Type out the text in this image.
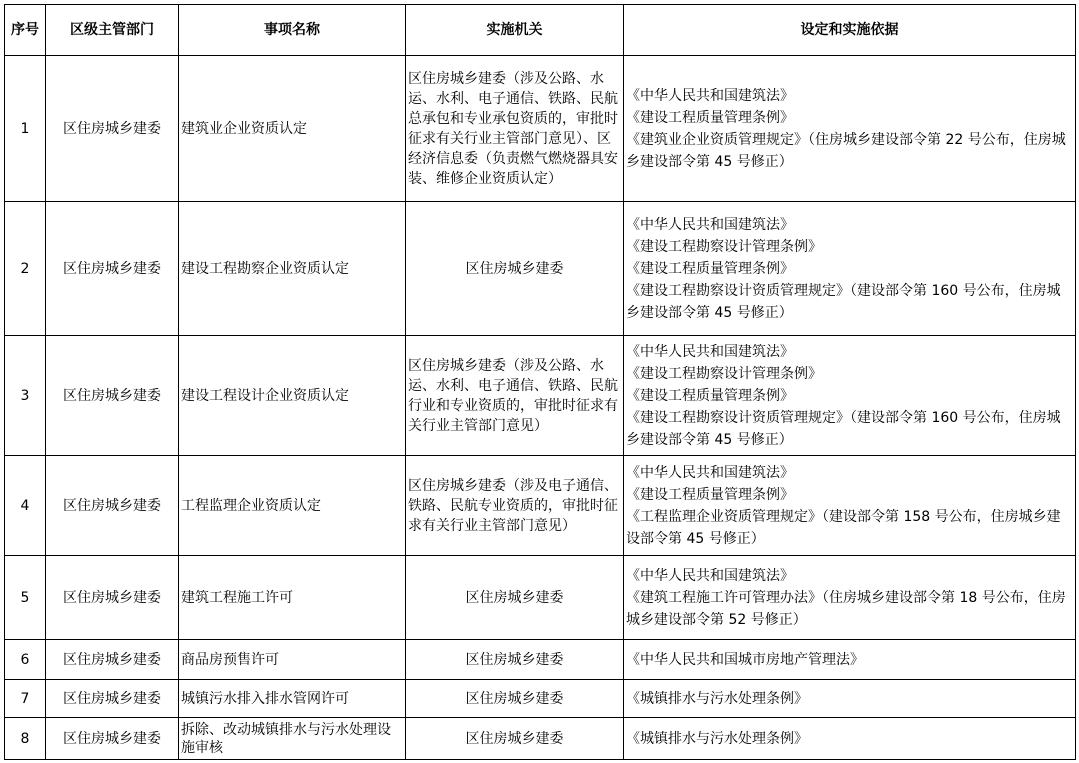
序号	区级主管部门	事项名称	实施机关	设定和实施依据
1	区住房城乡建委	建筑业企业资质认定	区住房城乡建委（涉及公路、水运、水利、电子通信、铁路、民航总承包和专业承包资质的，审批时征求有关行业主管部门意见）、区经济信息委（负责燃气燃烧器具安装、维修企业资质认定）	《中华人民共和国建筑法》
《建设工程质量管理条例》
《建筑业企业资质管理规定》（住房城乡建设部令第 22 号公布，住房城乡建设部令第 45 号修正）

2	区住房城乡建委	建设工程勘察企业资质认定	区住房城乡建委	《中华人民共和国建筑法》
《建设工程勘察设计管理条例》
《建设工程质量管理条例》
《建设工程勘察设计资质管理规定》（建设部令第 160 号公布，住房城乡建设部令第 45 号修正）

3	区住房城乡建委	建设工程设计企业资质认定	区住房城乡建委（涉及公路、水运、水利、电子通信、铁路、民航行业和专业资质的，审批时征求有关行业主管部门意见）	《中华人民共和国建筑法》
《建设工程勘察设计管理条例》
《建设工程质量管理条例》
《建设工程勘察设计资质管理规定》（建设部令第 160 号公布，住房城乡建设部令第 45 号修正）

4	区住房城乡建委	工程监理企业资质认定	区住房城乡建委（涉及电子通信、铁路、民航专业资质的，审批时征求有关行业主管部门意见）	《中华人民共和国建筑法》
《建设工程质量管理条例》
《工程监理企业资质管理规定》（建设部令第 158 号公布，住房城乡建设部令第 45 号修正）

5	区住房城乡建委	建筑工程施工许可	区住房城乡建委	《中华人民共和国建筑法》
《建筑工程施工许可管理办法》（住房城乡建设部令第 18 号公布，住房城乡建设部令第 52 号修正）

6	区住房城乡建委	商品房预售许可	区住房城乡建委	《中华人民共和国城市房地产管理法》

7	区住房城乡建委	城镇污水排入排水管网许可	区住房城乡建委	《城镇排水与污水处理条例》

8	区住房城乡建委	拆除、改动城镇排水与污水处理设施审核	区住房城乡建委	《城镇排水与污水处理条例》
